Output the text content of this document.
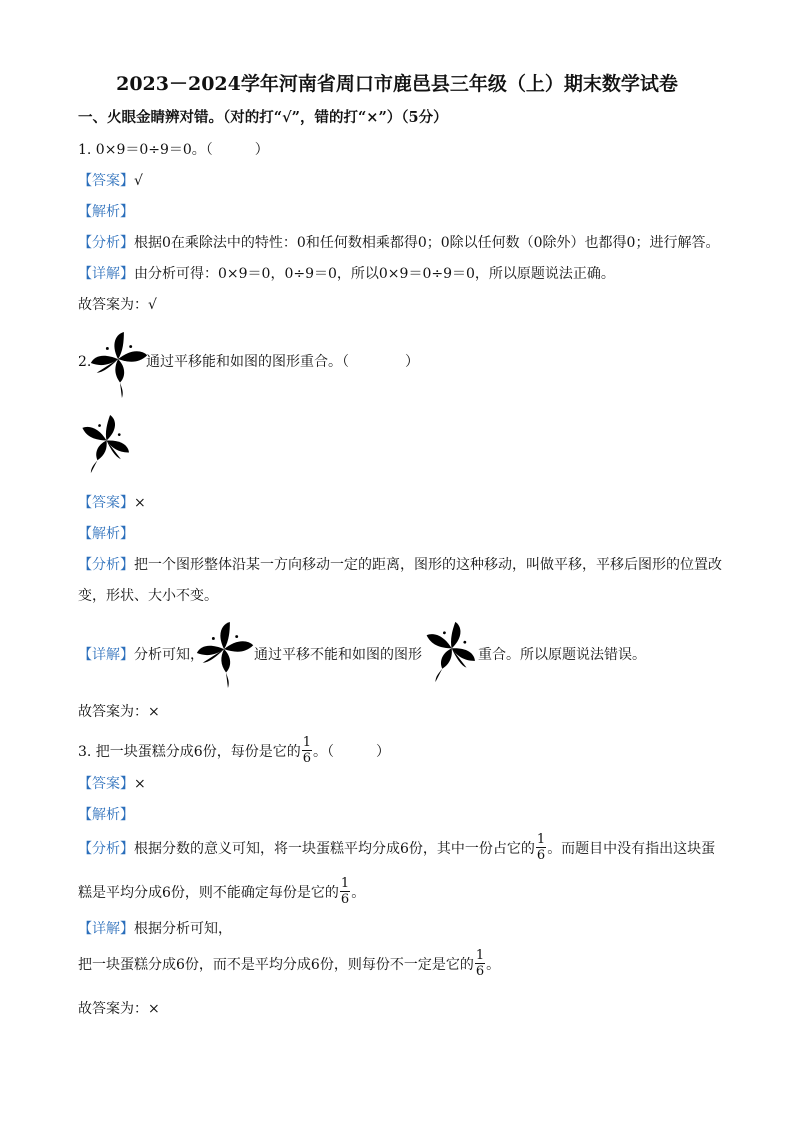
2023－2024学年河南省周口市鹿邑县三年级（上）期末数学试卷
一、火眼金睛辨对错。（对的打“√”，错的打“×”）（5分）
1. 0×9＝0÷9＝0。（　　　）
【答案】√
【解析】
【分析】根据0在乘除法中的特性：0和任何数相乘都得0；0除以任何数（0除外）也都得0；进行解答。
【详解】由分析可得：0×9＝0，0÷9＝0，所以0×9＝0÷9＝0，所以原题说法正确。
故答案为：√
2.	通过平移能和如图的图形重合。（　　　　）
【答案】×
【解析】
【分析】把一个图形整体沿某一方向移动一定的距离，图形的这种移动，叫做平移，平移后图形的位置改
变，形状、大小不变。
【详解】分析可知，	通过平移不能和如图的图形	重合。所以原题说法错误。
故答案为：×
3. 把一块蛋糕分成6份，每份是它的 $\frac{1}{6}$ 。（　　　）
【答案】×
【解析】
【分析】根据分数的意义可知，将一块蛋糕平均分成6份，其中一份占它的 $\frac{1}{6}$ 。而题目中没有指出这块蛋
糕是平均分成6份，则不能确定每份是它的 $\frac{1}{6}$ 。
【详解】根据分析可知，
把一块蛋糕分成6份，而不是平均分成6份，则每份不一定是它的 $\frac{1}{6}$ 。
故答案为：×
